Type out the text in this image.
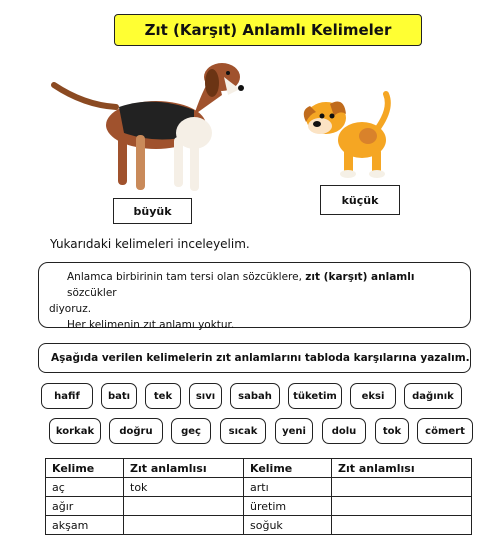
Zıt (Karşıt) Anlamlı Kelimeler
büyük
küçük
Yukarıdaki kelimeleri inceleyelim.
Anlamca birbirinin tam tersi olan sözcüklere, zıt (karşıt) anlamlı sözcükler
diyoruz.
Her kelimenin zıt anlamı yoktur.
Aşağıda verilen kelimelerin zıt anlamlarını tabloda karşılarına yazalım.
hafif	batı	tek	sıvı	sabah	tüketim	eksi	dağınık
korkak	doğru	geç	sıcak	yeni	dolu	tok	cömert
Kelime	Zıt anlamlısı	Kelime	Zıt anlamlısı
aç	tok	artı	
ağır		üretim	
akşam		soğuk	
